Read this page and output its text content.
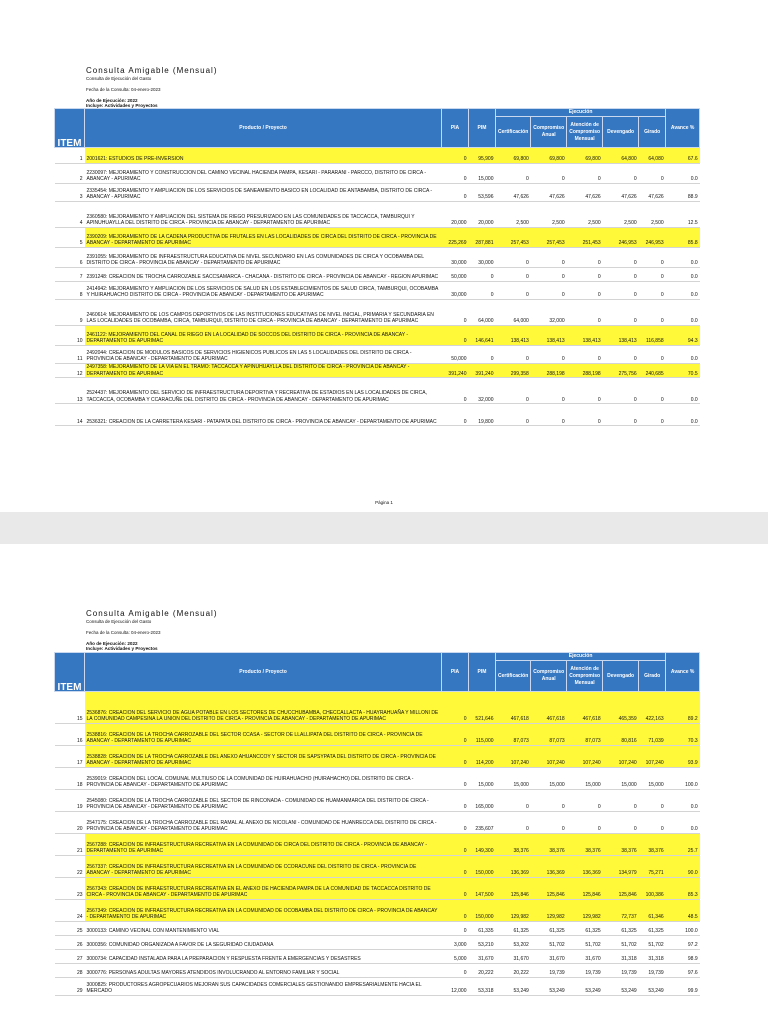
Consulta Amigable (Mensual)
Consulta de Ejecución del Gasto
Fecha de la Consulta: 04-enero-2023
Año de Ejecución: 2022
Incluye: Actividades y Proyectos
ITEM	Producto / Proyecto	PIA	PIM	Ejecución					Avance %
				Certificación	Compromiso Anual	Atención de Compromiso Mensual	Devengado	Girado	
1	2001621: ESTUDIOS DE PRE-INVERSION	0	95,909	69,800	69,800	69,800	64,800	64,080	67.6
2	2230097: MEJORAMIENTO Y CONSTRUCCION DEL CAMINO VECINAL HACIENDA PAMPA, KESARI - PARARANI - PARCCO, DISTRITO DE CIRCA - ABANCAY - APURIMAC	0	15,000	0	0	0	0	0	0.0
3	2335454: MEJORAMIENTO Y AMPLIACION DE LOS SERVICIOS DE SANEAMIENTO BASICO EN LOCALIDAD DE ANTABAMBA, DISTRITO DE CIRCA - ABANCAY - APURIMAC	0	53,596	47,626	47,626	47,626	47,626	47,626	88.9
4	2360580: MEJORAMIENTO Y AMPLIACION DEL SISTEMA DE RIEGO PRESURIZADO EN LAS COMUNIDADES DE TACCACCA, TAMBURQUI Y APINUHUAYLLA DEL DISTRITO DE CIRCA - PROVINCIA DE ABANCAY - DEPARTAMENTO DE APURIMAC	20,000	20,000	2,500	2,500	2,500	2,500	2,500	12.5
5	2390209: MEJORAMIENTO DE LA CADENA PRODUCTIVA DE FRUTALES EN LAS LOCALIDADES DE CIRCA DEL DISTRITO DE CIRCA - PROVINCIA DE ABANCAY - DEPARTAMENTO DE APURIMAC	225,269	287,881	257,453	257,453	251,453	246,953	246,953	85.8
6	2391055: MEJORAMIENTO DE INFRAESTRUCTURA EDUCATIVA DE NIVEL SECUNDARIO EN LAS COMUNIDADES DE CIRCA Y OCOBAMBA DEL DISTRITO DE CIRCA - PROVINCIA DE ABANCAY - DEPARTAMENTO DE APURIMAC	30,000	30,000	0	0	0	0	0	0.0
7	2391248: CREACION DE TROCHA CARROZABLE SACCSAMARCA - CHACANA - DISTRITO DE CIRCA - PROVINCIA DE ABANCAY - REGION APURIMAC	50,000	0	0	0	0	0	0	0.0
8	2414942: MEJORAMIENTO Y AMPLIACION DE LOS SERVICIOS DE SALUD EN LOS ESTABLECIMIENTOS DE SALUD CIRCA, TAMBURQUI, OCOBAMBA Y HUIRAHUACHO DISTRITO DE CIRCA - PROVINCIA DE ABANCAY - DEPARTAMENTO DE APURIMAC	30,000	0	0	0	0	0	0	0.0
9	2460614: MEJORAMIENTO DE LOS CAMPOS DEPORTIVOS DE LAS INSTITUCIONES EDUCATIVAS DE NIVEL INICIAL, PRIMARIA Y SECUNDARIA EN LAS LOCALIDADES DE OCOBAMBA, CIRCA, TAMBURQUI, DISTRITO DE CIRCA - PROVINCIA DE ABANCAY - DEPARTAMENTO DE APURIMAC	0	64,000	64,000	32,000	0	0	0	0.0
10	2461122: MEJORAMIENTO DEL CANAL DE RIEGO EN LA LOCALIDAD DE SOCCOS DEL DISTRITO DE CIRCA - PROVINCIA DE ABANCAY - DEPARTAMENTO DE APURIMAC	0	146,641	138,413	138,413	138,413	138,413	116,858	94.3
11	2492044: CREACION DE MODULOS BASICOS DE SERVICIOS HIGIENICOS PUBLICOS EN LAS 5 LOCALIDADES DEL DISTRITO DE CIRCA - PROVINCIA DE ABANCAY - DEPARTAMENTO DE APURIMAC	50,000	0	0	0	0	0	0	0.0
12	2497358: MEJORAMIENTO DE LA VIA EN EL TRAMO: TACCACCA Y APINUHUAYLLA DEL DISTRITO DE CIRCA - PROVINCIA DE ABANCAY - DEPARTAMENTO DE APURIMAC	391,240	391,240	299,358	288,198	288,198	275,756	240,685	70.5
13	2524437: MEJORAMIENTO DEL SERVICIO DE INFRAESTRUCTURA DEPORTIVA Y RECREATIVA DE ESTADIOS EN LAS LOCALIDADES DE CIRCA, TACCACCA, OCOBAMBA Y CCARACUÑE DEL DISTRITO DE CIRCA - PROVINCIA DE ABANCAY - DEPARTAMENTO DE APURIMAC	0	32,000	0	0	0	0	0	0.0
14	2536321: CREACION DE LA CARRETERA KESARI - PATAPATA DEL DISTRITO DE CIRCA - PROVINCIA DE ABANCAY - DEPARTAMENTO DE APURIMAC	0	19,800	0	0	0	0	0	0.0
Página 1
Consulta Amigable (Mensual)
Consulta de Ejecución del Gasto
Fecha de la Consulta: 04-enero-2023
Año de Ejecución: 2022
Incluye: Actividades y Proyectos
ITEM	Producto / Proyecto	PIA	PIM	Ejecución					Avance %
				Certificación	Compromiso Anual	Atención de Compromiso Mensual	Devengado	Girado	
15	2536876: CREACION DEL SERVICIO DE AGUA POTABLE EN LOS SECTORES DE CHUCCHUBAMBA, CHECCALLACTA - HUAYRAHUAÑA Y MILLONI DE LA COMUNIDAD CAMPESINA LA UNION DEL DISTRITO DE CIRCA - PROVINCIA DE ABANCAY - DEPARTAMENTO DE APURIMAC	0	521,646	467,618	467,618	467,618	465,359	422,163	89.2
16	2538816: CREACION DE LA TROCHA CARROZABLE DEL SECTOR CCASA - SECTOR DE LLALLIPATA DEL DISTRITO DE CIRCA - PROVINCIA DE ABANCAY - DEPARTAMENTO DE APURIMAC	0	115,000	87,073	87,073	87,073	80,816	71,039	70.3
17	2538828: CREACION DE LA TROCHA CARROZABLE DEL ANEXO AHUANCCOY Y SECTOR DE SAPSYPATA DEL DISTRITO DE CIRCA - PROVINCIA DE ABANCAY - DEPARTAMENTO DE APURIMAC	0	114,200	107,240	107,240	107,240	107,240	107,240	93.9
18	2539019: CREACION DEL LOCAL COMUNAL MULTIUSO DE LA COMUNIDAD DE HUIRAHUACHO (HUIRAHACHO) DEL DISTRITO DE CIRCA - PROVINCIA DE ABANCAY - DEPARTAMENTO DE APURIMAC	0	15,000	15,000	15,000	15,000	15,000	15,000	100.0
19	2545080: CREACION DE LA TROCHA CARROZABLE DEL SECTOR DE RINCONADA - COMUNIDAD DE HUAMANMARCA DEL DISTRITO DE CIRCA - PROVINCIA DE ABANCAY - DEPARTAMENTO DE APURIMAC	0	165,000	0	0	0	0	0	0.0
20	2547175: CREACION DE LA TROCHA CARROZABLE DEL RAMAL AL ANEXO DE NICOLANI - COMUNIDAD DE HUANRECCA DEL DISTRITO DE CIRCA - PROVINCIA DE ABANCAY - DEPARTAMENTO DE APURIMAC	0	235,607	0	0	0	0	0	0.0
21	2567288: CREACION DE INFRAESTRUCTURA RECREATIVA EN LA COMUNIDAD DE CIRCA DEL DISTRITO DE CIRCA - PROVINCIA DE ABANCAY - DEPARTAMENTO DE APURIMAC	0	149,300	38,376	38,376	38,376	38,376	38,376	25.7
22	2567337: CREACION DE INFRAESTRUCTURA RECREATIVA EN LA COMUNIDAD DE CCORACUNE DEL DISTRITO DE CIRCA - PROVINCIA DE ABANCAY - DEPARTAMENTO DE APURIMAC	0	150,000	136,369	136,369	136,369	134,979	75,271	90.0
23	2567343: CREACION DE INFRAESTRUCTURA RECREATIVA EN EL ANEXO DE HACIENDA PAMPA DE LA COMUNIDAD DE TACCACCA DISTRITO DE CIRCA - PROVINCIA DE ABANCAY - DEPARTAMENTO DE APURIMAC	0	147,500	125,846	125,846	125,846	125,846	100,386	85.3
24	2567349: CREACION DE INFRAESTRUCTURA RECREATIVA EN LA COMUNIDAD DE OCOBAMBA DEL DISTRITO DE CIRCA - PROVINCIA DE ABANCAY - DEPARTAMENTO DE APURIMAC	0	150,000	129,982	129,982	129,982	72,737	61,346	48.5
25	3000133: CAMINO VECINAL CON MANTENIMIENTO VIAL	0	61,335	61,325	61,325	61,325	61,325	61,325	100.0
26	3000356: COMUNIDAD ORGANIZADA A FAVOR DE LA SEGURIDAD CIUDADANA	3,000	53,210	53,202	51,702	51,702	51,702	51,702	97.2
27	3000734: CAPACIDAD INSTALADA PARA LA PREPARACION Y RESPUESTA FRENTE A EMERGENCIAS Y DESASTRES	5,000	31,670	31,670	31,670	31,670	31,318	31,318	98.9
28	3000776: PERSONAS ADULTAS MAYORES ATENDIDOS INVOLUCRANDO AL ENTORNO FAMILIAR Y SOCIAL	0	20,222	20,222	19,739	19,739	19,739	19,739	97.6
29	3000825: PRODUCTORES AGROPECUARIOS MEJORAN SUS CAPACIDADES COMERCIALES GESTIONANDO EMPRESARIALMENTE HACIA EL MERCADO	12,000	53,318	53,249	53,249	53,249	53,249	53,249	99.9
